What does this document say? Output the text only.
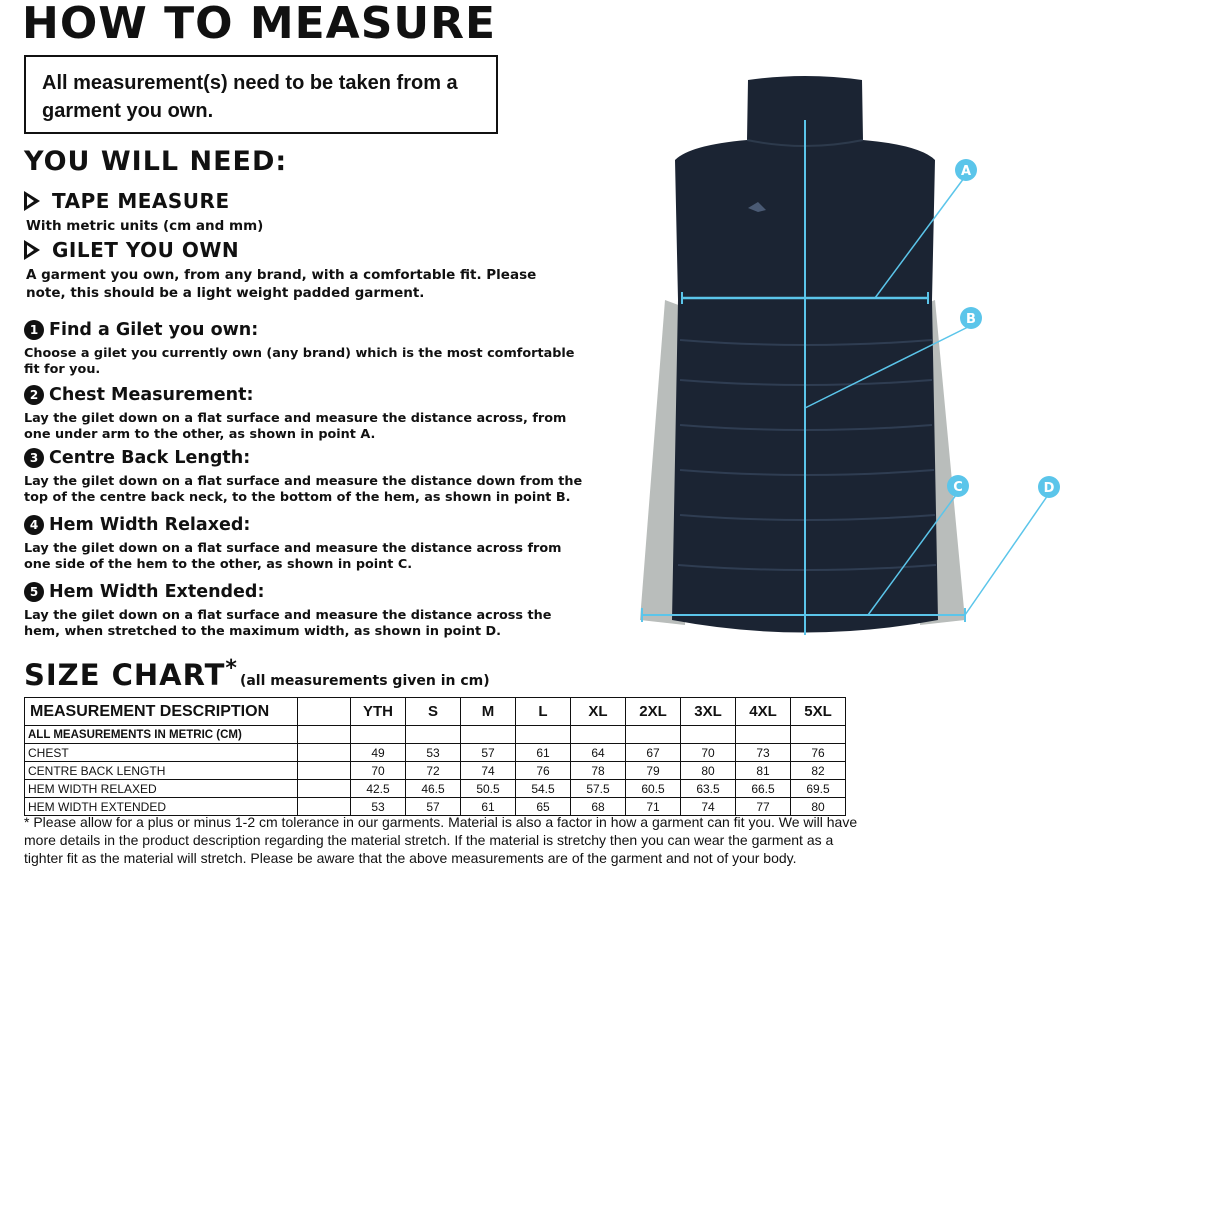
HOW TO MEASURE
All measurement(s) need to be taken from a garment you own.
YOU WILL NEED:
TAPE MEASURE
With metric units (cm and mm)
GILET YOU OWN
A garment you own, from any brand, with a comfortable fit. Please note, this should be a light weight padded garment.
1 Find a Gilet you own:
Choose a gilet you currently own (any brand) which is the most comfortable fit for you.
2 Chest Measurement:
Lay the gilet down on a flat surface and measure the distance across, from one under arm to the other, as shown in point A.
3 Centre Back Length:
Lay the gilet down on a flat surface and measure the distance down from the top of the centre back neck, to the bottom of the hem, as shown in point B.
4 Hem Width Relaxed:
Lay the gilet down on a flat surface and measure the distance across from one side of the hem to the other, as shown in point C.
5 Hem Width Extended:
Lay the gilet down on a flat surface and measure the distance across the hem, when stretched to the maximum width, as shown in point D.
A
B
C	D
SIZE CHART * (all measurements given in cm)
MEASUREMENT DESCRIPTION		YTH	S	M	L	XL	2XL	3XL	4XL	5XL
ALL MEASUREMENTS IN METRIC (CM)										
CHEST		49	53	57	61	64	67	70	73	76
CENTRE BACK LENGTH		70	72	74	76	78	79	80	81	82
HEM WIDTH RELAXED		42.5	46.5	50.5	54.5	57.5	60.5	63.5	66.5	69.5
HEM WIDTH EXTENDED		53	57	61	65	68	71	74	77	80
* Please allow for a plus or minus 1-2 cm tolerance in our garments. Material is also a factor in how a garment can fit you. We will have more details in the product description regarding the material stretch. If the material is stretchy then you can wear the garment as a tighter fit as the material will stretch. Please be aware that the above measurements are of the garment and not of your body.
